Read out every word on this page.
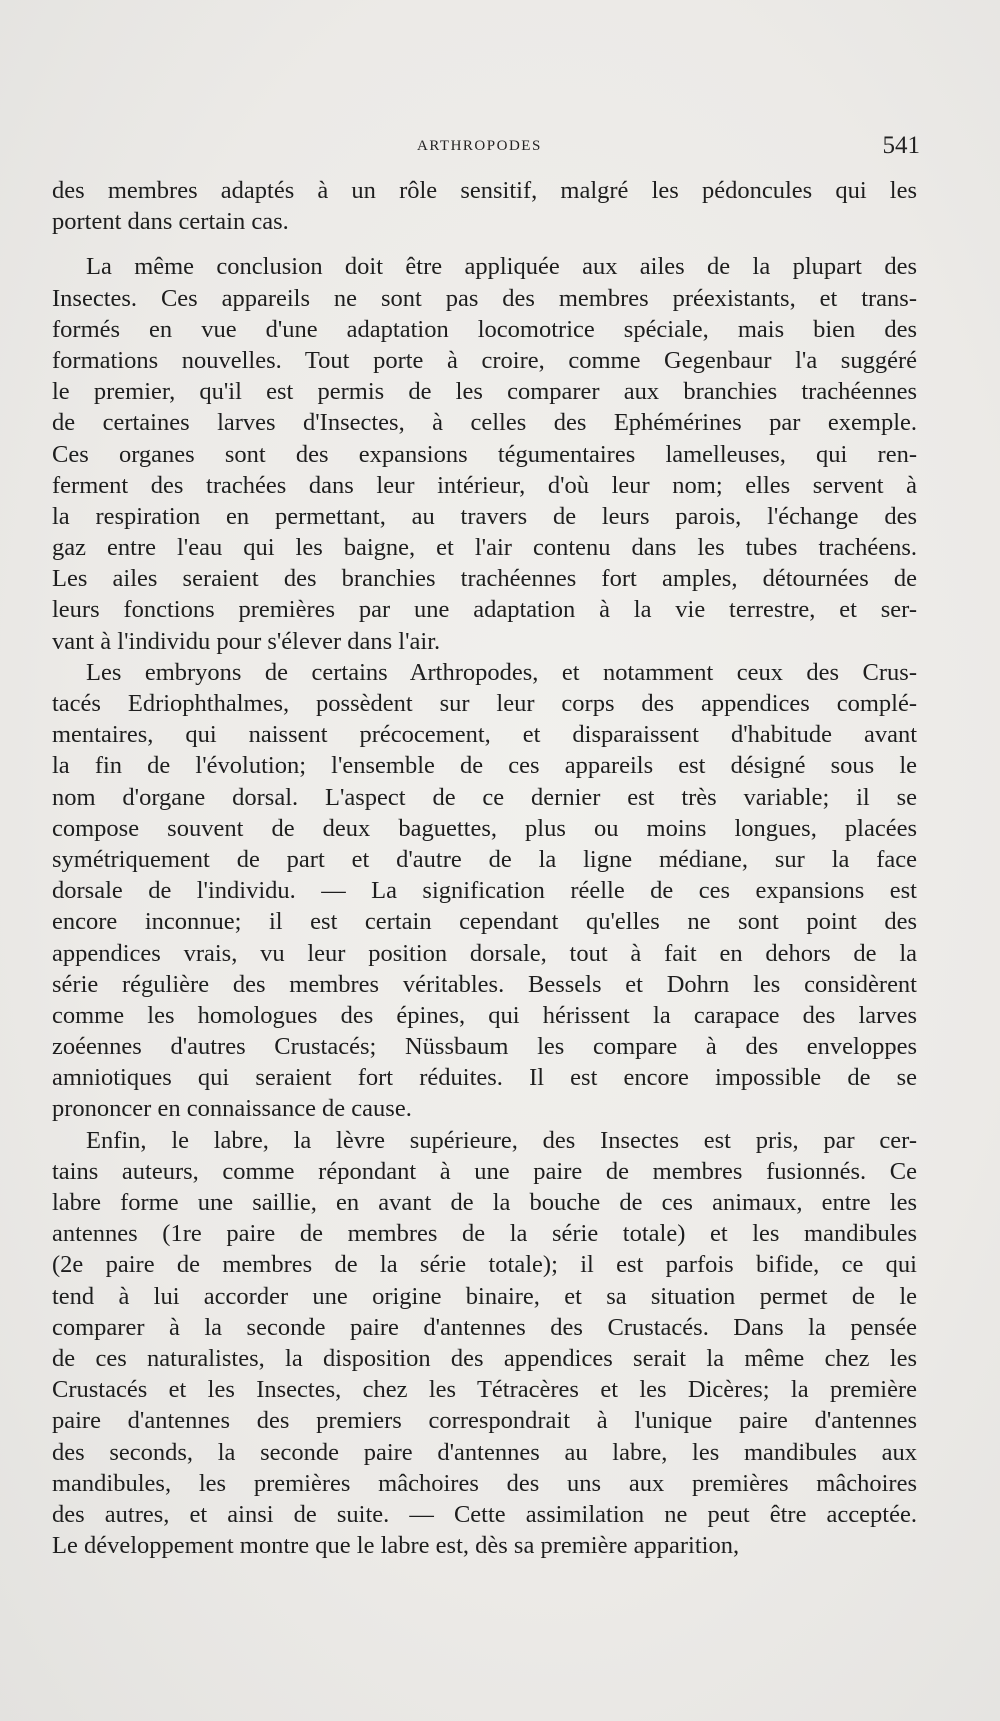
ARTHROPODES	541
des membres adaptés à un rôle sensitif, malgré les pédoncules qui les
portent dans certain cas.
La même conclusion doit être appliquée aux ailes de la plupart des
Insectes. Ces appareils ne sont pas des membres préexistants, et trans-
formés en vue d'une adaptation locomotrice spéciale, mais bien des
formations nouvelles. Tout porte à croire, comme Gegenbaur l'a suggéré
le premier, qu'il est permis de les comparer aux branchies trachéennes
de certaines larves d'Insectes, à celles des Ephémérines par exemple.
Ces organes sont des expansions tégumentaires lamelleuses, qui ren-
ferment des trachées dans leur intérieur, d'où leur nom; elles servent à
la respiration en permettant, au travers de leurs parois, l'échange des
gaz entre l'eau qui les baigne, et l'air contenu dans les tubes trachéens.
Les ailes seraient des branchies trachéennes fort amples, détournées de
leurs fonctions premières par une adaptation à la vie terrestre, et ser-
vant à l'individu pour s'élever dans l'air.
Les embryons de certains Arthropodes, et notamment ceux des Crus-
tacés Edriophthalmes, possèdent sur leur corps des appendices complé-
mentaires, qui naissent précocement, et disparaissent d'habitude avant
la fin de l'évolution; l'ensemble de ces appareils est désigné sous le
nom d'organe dorsal. L'aspect de ce dernier est très variable; il se
compose souvent de deux baguettes, plus ou moins longues, placées
symétriquement de part et d'autre de la ligne médiane, sur la face
dorsale de l'individu. — La signification réelle de ces expansions est
encore inconnue; il est certain cependant qu'elles ne sont point des
appendices vrais, vu leur position dorsale, tout à fait en dehors de la
série régulière des membres véritables. Bessels et Dohrn les considèrent
comme les homologues des épines, qui hérissent la carapace des larves
zoéennes d'autres Crustacés; Nüssbaum les compare à des enveloppes
amniotiques qui seraient fort réduites. Il est encore impossible de se
prononcer en connaissance de cause.
Enfin, le labre, la lèvre supérieure, des Insectes est pris, par cer-
tains auteurs, comme répondant à une paire de membres fusionnés. Ce
labre forme une saillie, en avant de la bouche de ces animaux, entre les
antennes (1re paire de membres de la série totale) et les mandibules
(2e paire de membres de la série totale); il est parfois bifide, ce qui
tend à lui accorder une origine binaire, et sa situation permet de le
comparer à la seconde paire d'antennes des Crustacés. Dans la pensée
de ces naturalistes, la disposition des appendices serait la même chez les
Crustacés et les Insectes, chez les Tétracères et les Dicères; la première
paire d'antennes des premiers correspondrait à l'unique paire d'antennes
des seconds, la seconde paire d'antennes au labre, les mandibules aux
mandibules, les premières mâchoires des uns aux premières mâchoires
des autres, et ainsi de suite. — Cette assimilation ne peut être acceptée.
Le développement montre que le labre est, dès sa première apparition,
